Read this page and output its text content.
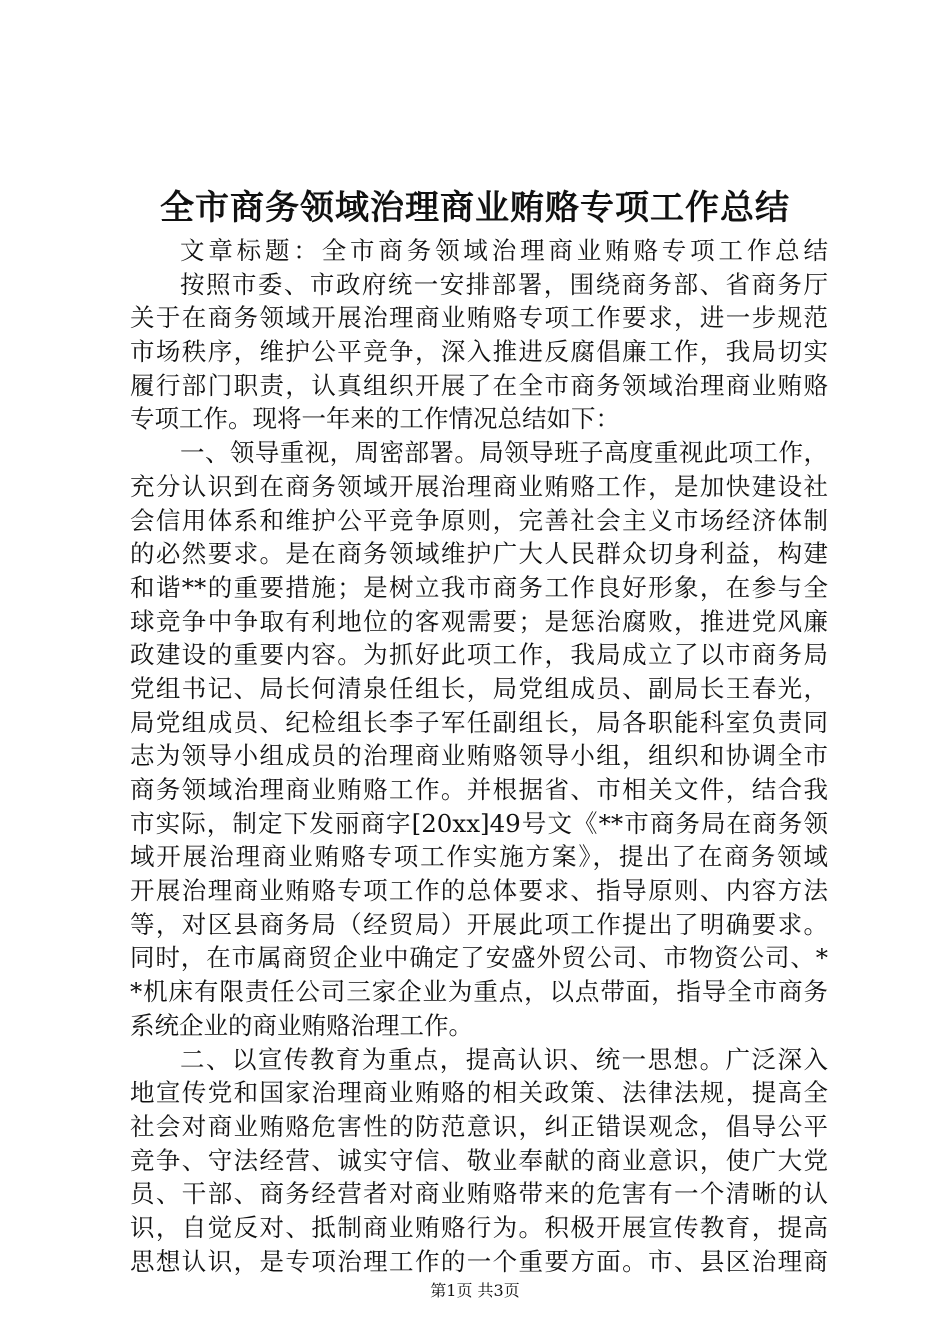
全市商务领域治理商业贿赂专项工作总结
文章标题：全市商务领域治理商业贿赂专项工作总结
按照市委、市政府统一安排部署，围绕商务部、省商务厅
关于在商务领域开展治理商业贿赂专项工作要求，进一步规范
市场秩序，维护公平竞争，深入推进反腐倡廉工作，我局切实
履行部门职责，认真组织开展了在全市商务领域治理商业贿赂
专项工作。现将一年来的工作情况总结如下：
一、领导重视，周密部署。局领导班子高度重视此项工作，
充分认识到在商务领域开展治理商业贿赂工作，是加快建设社
会信用体系和维护公平竞争原则，完善社会主义市场经济体制
的必然要求。是在商务领域维护广大人民群众切身利益，构建
和谐**的重要措施；是树立我市商务工作良好形象，在参与全
球竞争中争取有利地位的客观需要；是惩治腐败，推进党风廉
政建设的重要内容。为抓好此项工作，我局成立了以市商务局
党组书记、局长何清泉任组长，局党组成员、副局长王春光，
局党组成员、纪检组长李子军任副组长，局各职能科室负责同
志为领导小组成员的治理商业贿赂领导小组，组织和协调全市
商务领域治理商业贿赂工作。并根据省、市相关文件，结合我
市实际，制定下发丽商字[20xx]49号文《**市商务局在商务领
域开展治理商业贿赂专项工作实施方案》，提出了在商务领域
开展治理商业贿赂专项工作的总体要求、指导原则、内容方法
等，对区县商务局（经贸局）开展此项工作提出了明确要求。
同时，在市属商贸企业中确定了安盛外贸公司、市物资公司、*
*机床有限责任公司三家企业为重点，以点带面，指导全市商务
系统企业的商业贿赂治理工作。
二、以宣传教育为重点，提高认识、统一思想。广泛深入
地宣传党和国家治理商业贿赂的相关政策、法律法规，提高全
社会对商业贿赂危害性的防范意识，纠正错误观念，倡导公平
竞争、守法经营、诚实守信、敬业奉献的商业意识，使广大党
员、干部、商务经营者对商业贿赂带来的危害有一个清晰的认
识，自觉反对、抵制商业贿赂行为。积极开展宣传教育，提高
思想认识，是专项治理工作的一个重要方面。市、县区治理商
第1页 共3页
